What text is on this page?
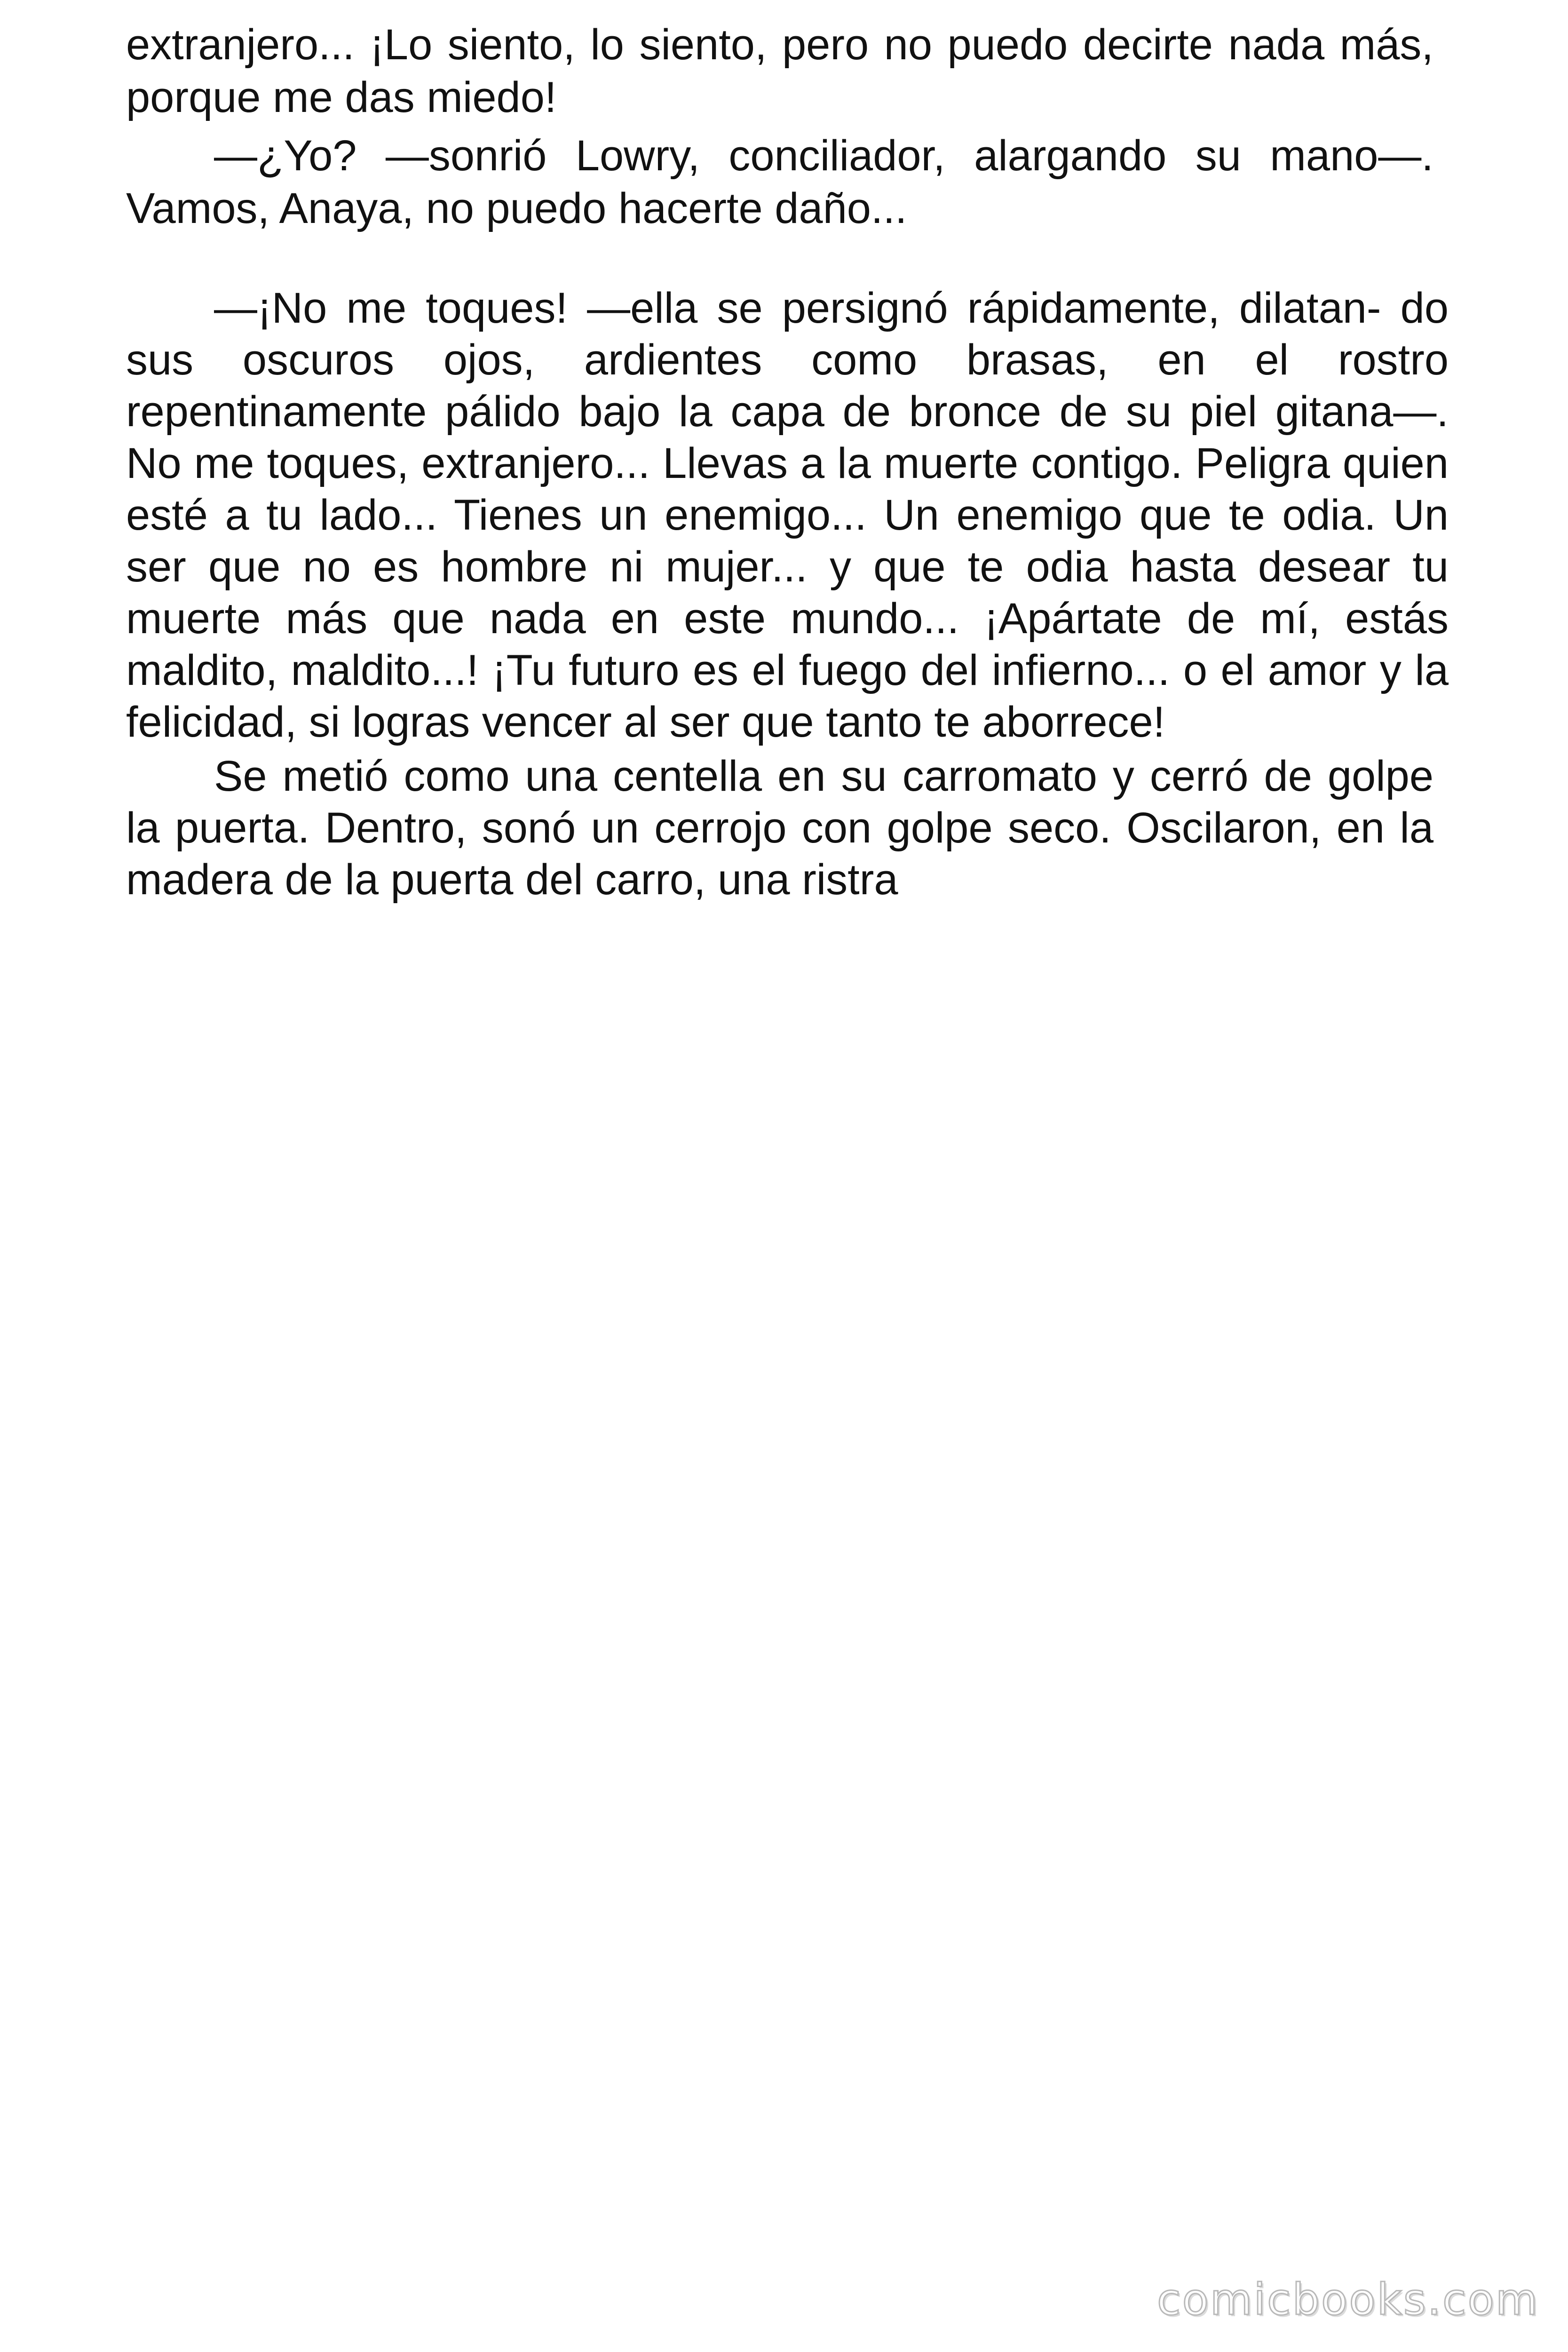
extranjero... ¡Lo siento, lo siento, pero no puedo decirte nada más,
porque me das miedo!
—¿Yo? —sonrió Lowry, conciliador, alargando su mano—.
Vamos, Anaya, no puedo hacerte daño...
—¡No me toques! —ella se persignó rápidamente, dilatan- do
sus oscuros ojos, ardientes como brasas, en el rostro
repentinamente pálido bajo la capa de bronce de su piel gitana—.
No me toques, extranjero... Llevas a la muerte contigo. Peligra quien
esté a tu lado... Tienes un enemigo... Un enemigo que te odia. Un
ser que no es hombre ni mujer... y que te odia hasta desear tu
muerte más que nada en este mundo... ¡Apártate de mí, estás
maldito, maldito...! ¡Tu futuro es el fuego del infierno... o el amor y la
felicidad, si logras vencer al ser que tanto te aborrece!
Se metió como una centella en su carromato y cerró de golpe
la puerta. Dentro, sonó un cerrojo con golpe seco. Oscilaron, en la
madera de la puerta del carro, una ristra
comicbooks.com
